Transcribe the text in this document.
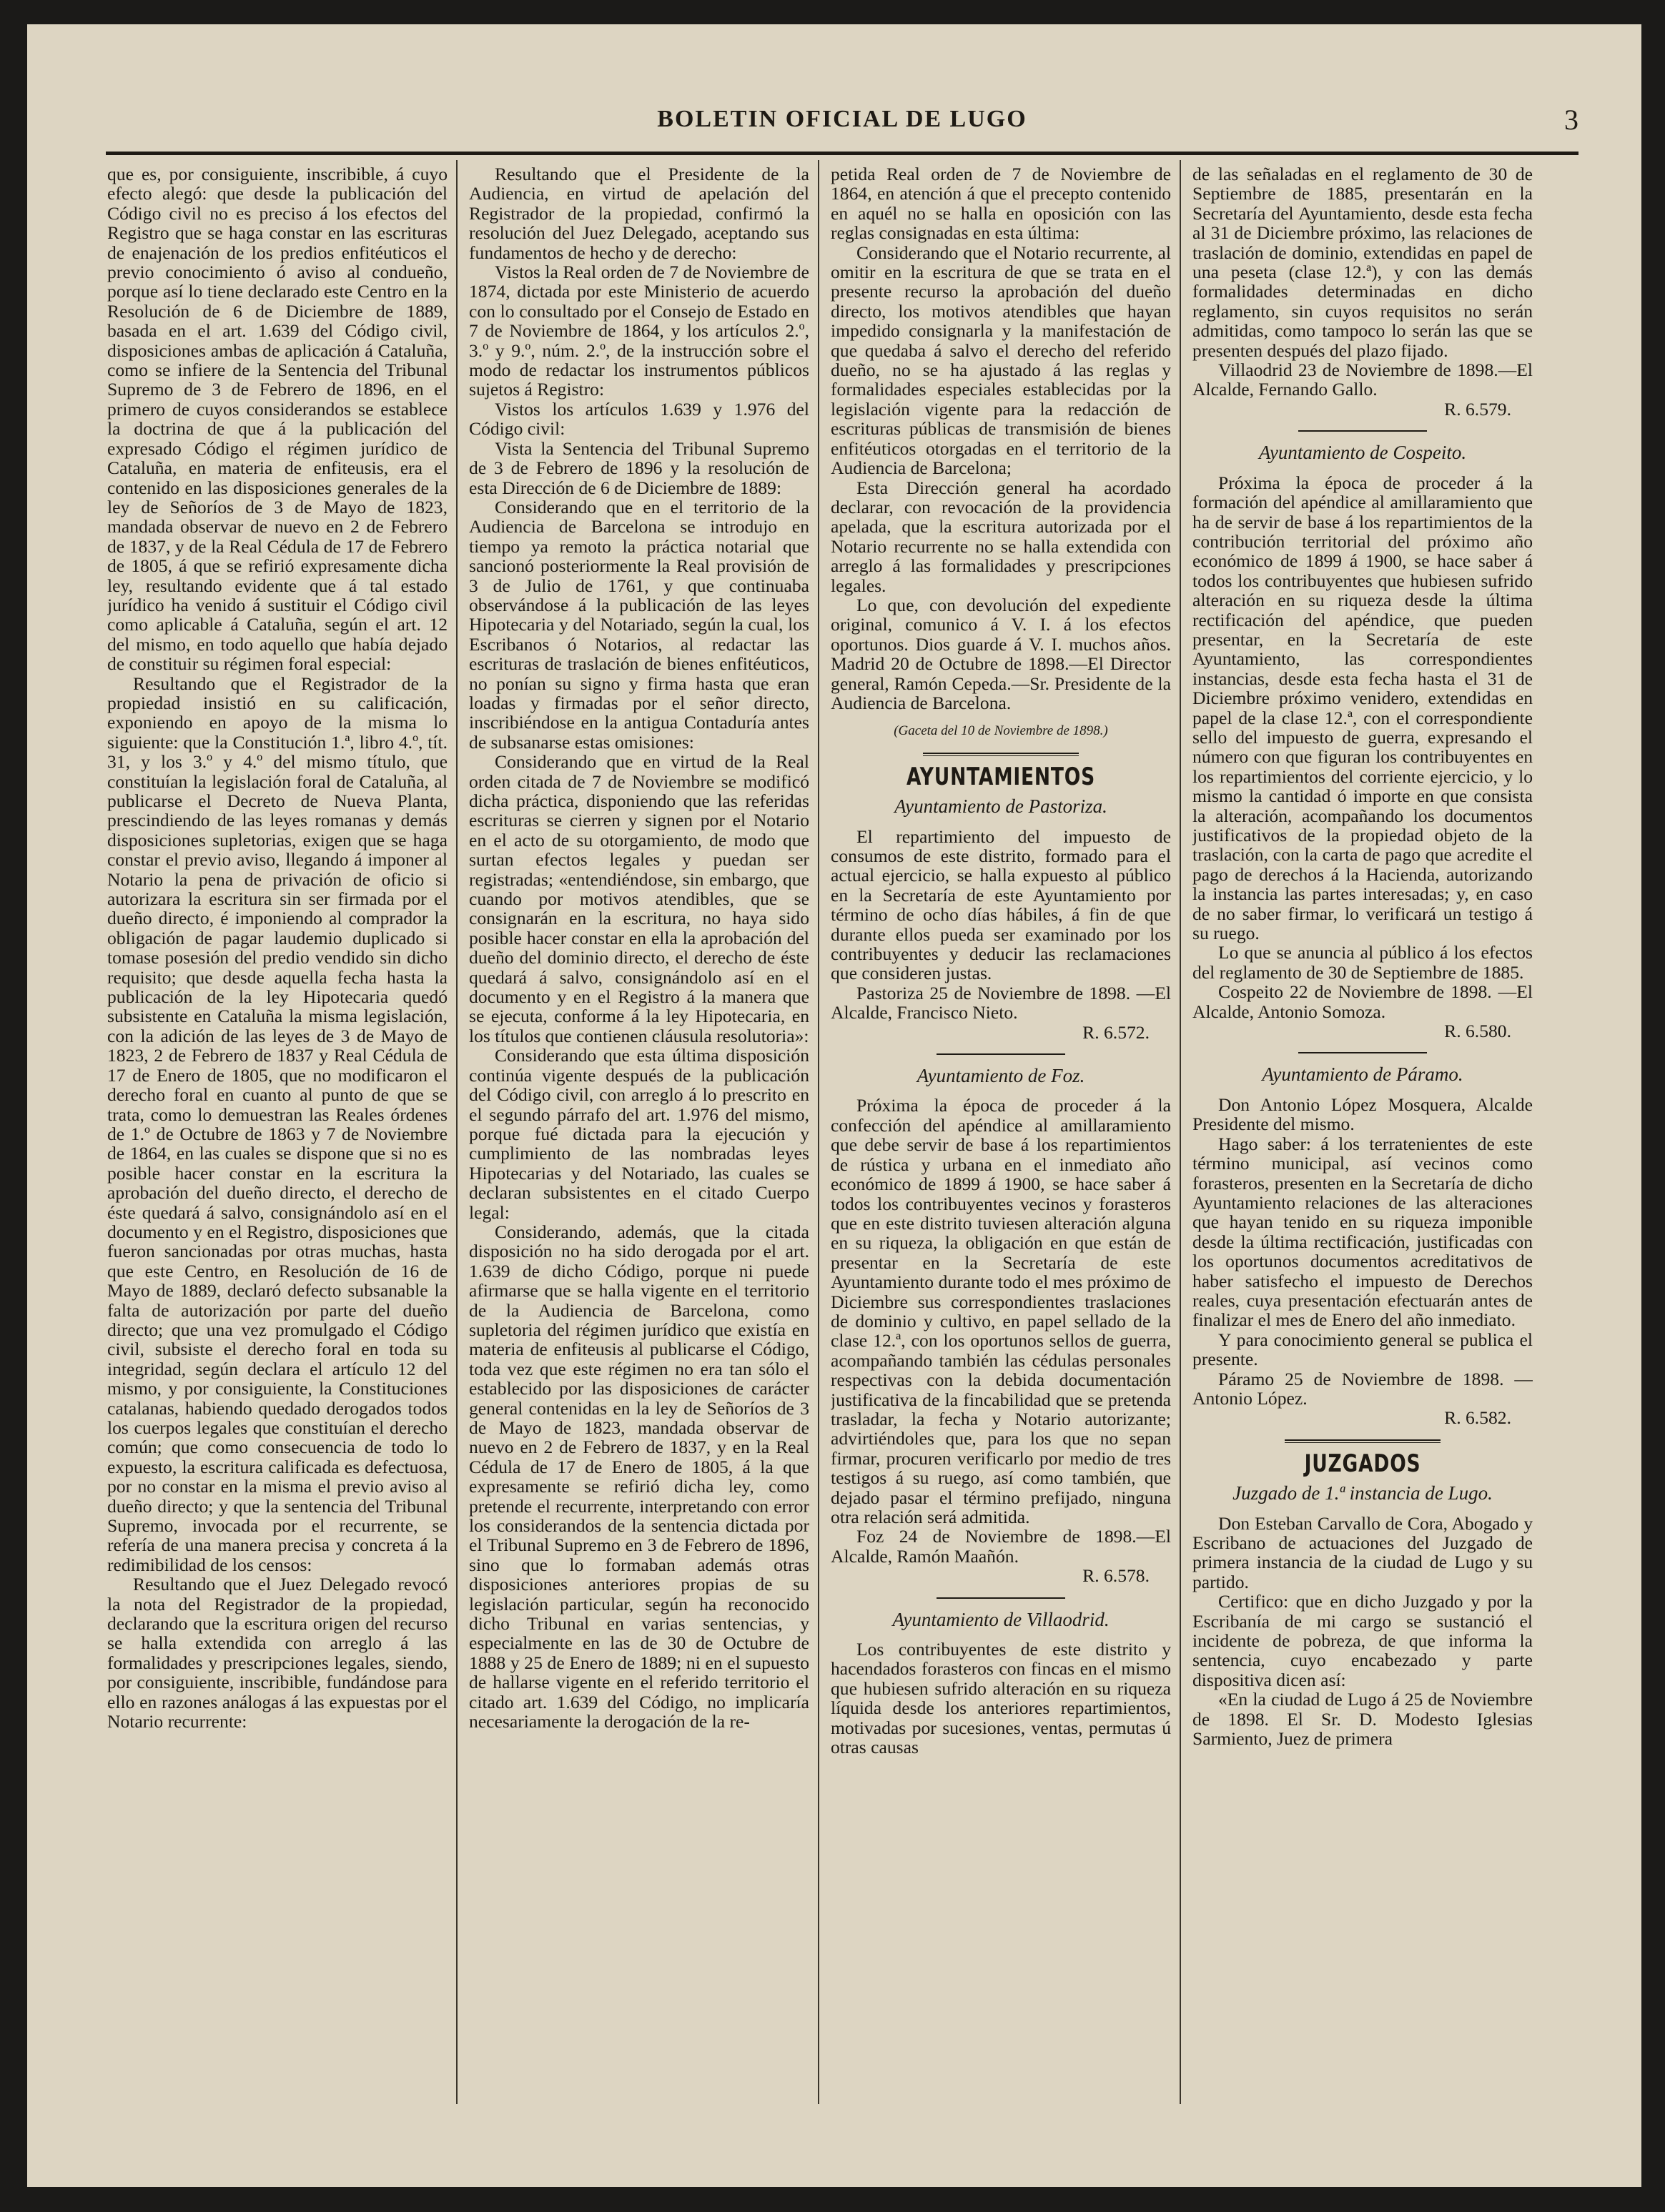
BOLETIN OFICIAL DE LUGO	3

que es, por consiguiente, inscribible, á cuyo efecto alegó: que desde la publicación del Código civil no es preciso á los efectos del Registro que se haga constar en las escrituras de enajenación de los predios enfitéuticos el previo conocimiento ó aviso al condueño, porque así lo tiene declarado este Centro en la Resolución de 6 de Diciembre de 1889, basada en el art. 1.639 del Código civil, disposiciones ambas de aplicación á Cataluña, como se infiere de la Sentencia del Tribunal Supremo de 3 de Febrero de 1896, en el primero de cuyos considerandos se establece la doctrina de que á la publicación del expresado Código el régimen jurídico de Cataluña, en materia de enfiteusis, era el contenido en las disposiciones generales de la ley de Señoríos de 3 de Mayo de 1823, mandada observar de nuevo en 2 de Febrero de 1837, y de la Real Cédula de 17 de Febrero de 1805, á que se refirió expresamente dicha ley, resultando evidente que á tal estado jurídico ha venido á sustituir el Código civil como aplicable á Cataluña, según el art. 12 del mismo, en todo aquello que había dejado de constituir su régimen foral especial:

Resultando que el Registrador de la propiedad insistió en su calificación, exponiendo en apoyo de la misma lo siguiente: que la Constitución 1.ª, libro 4.º, tít. 31, y los 3.º y 4.º del mismo título, que constituían la legislación foral de Cataluña, al publicarse el Decreto de Nueva Planta, prescindiendo de las leyes romanas y demás disposiciones supletorias, exigen que se haga constar el previo aviso, llegando á imponer al Notario la pena de privación de oficio si autorizara la escritura sin ser firmada por el dueño directo, é imponiendo al comprador la obligación de pagar laudemio duplicado si tomase posesión del predio vendido sin dicho requisito; que desde aquella fecha hasta la publicación de la ley Hipotecaria quedó subsistente en Cataluña la misma legislación, con la adición de las leyes de 3 de Mayo de 1823, 2 de Febrero de 1837 y Real Cédula de 17 de Enero de 1805, que no modificaron el derecho foral en cuanto al punto de que se trata, como lo demuestran las Reales órdenes de 1.º de Octubre de 1863 y 7 de Noviembre de 1864, en las cuales se dispone que si no es posible hacer constar en la escritura la aprobación del dueño directo, el derecho de éste quedará á salvo, consignándolo así en el documento y en el Registro, disposiciones que fueron sancionadas por otras muchas, hasta que este Centro, en Resolución de 16 de Mayo de 1889, declaró defecto subsanable la falta de autorización por parte del dueño directo; que una vez promulgado el Código civil, subsiste el derecho foral en toda su integridad, según declara el artículo 12 del mismo, y por consiguiente, la Constituciones catalanas, habiendo quedado derogados todos los cuerpos legales que constituían el derecho común; que como consecuencia de todo lo expuesto, la escritura calificada es defectuosa, por no constar en la misma el previo aviso al dueño directo; y que la sentencia del Tribunal Supremo, invocada por el recurrente, se refería de una manera precisa y concreta á la redimibilidad de los censos:

Resultando que el Juez Delegado revocó la nota del Registrador de la propiedad, declarando que la escritura origen del recurso se halla extendida con arreglo á las formalidades y prescripciones legales, siendo, por consiguiente, inscribible, fundándose para ello en razones análogas á las expuestas por el Notario recurrente:

Resultando que el Presidente de la Audiencia, en virtud de apelación del Registrador de la propiedad, confirmó la resolución del Juez Delegado, aceptando sus fundamentos de hecho y de derecho:

Vistos la Real orden de 7 de Noviembre de 1874, dictada por este Ministerio de acuerdo con lo consultado por el Consejo de Estado en 7 de Noviembre de 1864, y los artículos 2.º, 3.º y 9.º, núm. 2.º, de la instrucción sobre el modo de redactar los instrumentos públicos sujetos á Registro:

Vistos los artículos 1.639 y 1.976 del Código civil:

Vista la Sentencia del Tribunal Supremo de 3 de Febrero de 1896 y la resolución de esta Dirección de 6 de Diciembre de 1889:

Considerando que en el territorio de la Audiencia de Barcelona se introdujo en tiempo ya remoto la práctica notarial que sancionó posteriormente la Real provisión de 3 de Julio de 1761, y que continuaba observándose á la publicación de las leyes Hipotecaria y del Notariado, según la cual, los Escribanos ó Notarios, al redactar las escrituras de traslación de bienes enfitéuticos, no ponían su signo y firma hasta que eran loadas y firmadas por el señor directo, inscribiéndose en la antigua Contaduría antes de subsanarse estas omisiones:

Considerando que en virtud de la Real orden citada de 7 de Noviembre se modificó dicha práctica, disponiendo que las referidas escrituras se cierren y signen por el Notario en el acto de su otorgamiento, de modo que surtan efectos legales y puedan ser registradas; «entendiéndose, sin embargo, que cuando por motivos atendibles, que se consignarán en la escritura, no haya sido posible hacer constar en ella la aprobación del dueño del dominio directo, el derecho de éste quedará á salvo, consignándolo así en el documento y en el Registro á la manera que se ejecuta, conforme á la ley Hipotecaria, en los títulos que contienen cláusula resolutoria»:

Considerando que esta última disposición continúa vigente después de la publicación del Código civil, con arreglo á lo prescrito en el segundo párrafo del art. 1.976 del mismo, porque fué dictada para la ejecución y cumplimiento de las nombradas leyes Hipotecarias y del Notariado, las cuales se declaran subsistentes en el citado Cuerpo legal:

Considerando, además, que la citada disposición no ha sido derogada por el art. 1.639 de dicho Código, porque ni puede afirmarse que se halla vigente en el territorio de la Audiencia de Barcelona, como supletoria del régimen jurídico que existía en materia de enfiteusis al publicarse el Código, toda vez que este régimen no era tan sólo el establecido por las disposiciones de carácter general contenidas en la ley de Señoríos de 3 de Mayo de 1823, mandada observar de nuevo en 2 de Febrero de 1837, y en la Real Cédula de 17 de Enero de 1805, á la que expresamente se refirió dicha ley, como pretende el recurrente, interpretando con error los considerandos de la sentencia dictada por el Tribunal Supremo en 3 de Febrero de 1896, sino que lo formaban además otras disposiciones anteriores propias de su legislación particular, según ha reconocido dicho Tribunal en varias sentencias, y especialmente en las de 30 de Octubre de 1888 y 25 de Enero de 1889; ni en el supuesto de hallarse vigente en el referido territorio el citado art. 1.639 del Código, no implicaría necesariamente la derogación de la re-

petida Real orden de 7 de Noviembre de 1864, en atención á que el precepto contenido en aquél no se halla en oposición con las reglas consignadas en esta última:

Considerando que el Notario recurrente, al omitir en la escritura de que se trata en el presente recurso la aprobación del dueño directo, los motivos atendibles que hayan impedido consignarla y la manifestación de que quedaba á salvo el derecho del referido dueño, no se ha ajustado á las reglas y formalidades especiales establecidas por la legislación vigente para la redacción de escrituras públicas de transmisión de bienes enfitéuticos otorgadas en el territorio de la Audiencia de Barcelona;

Esta Dirección general ha acordado declarar, con revocación de la providencia apelada, que la escritura autorizada por el Notario recurrente no se halla extendida con arreglo á las formalidades y prescripciones legales.

Lo que, con devolución del expediente original, comunico á V. I. á los efectos oportunos. Dios guarde á V. I. muchos años. Madrid 20 de Octubre de 1898.—El Director general, Ramón Cepeda.—Sr. Presidente de la Audiencia de Barcelona.

(Gaceta del 10 de Noviembre de 1898.)

AYUNTAMIENTOS
Ayuntamiento de Pastoriza.

El repartimiento del impuesto de consumos de este distrito, formado para el actual ejercicio, se halla expuesto al público en la Secretaría de este Ayuntamiento por término de ocho días hábiles, á fin de que durante ellos pueda ser examinado por los contribuyentes y deducir las reclamaciones que consideren justas.

Pastoriza 25 de Noviembre de 1898. —El Alcalde, Francisco Nieto.

R. 6.572.

Ayuntamiento de Foz.

Próxima la época de proceder á la confección del apéndice al amillaramiento que debe servir de base á los repartimientos de rústica y urbana en el inmediato año económico de 1899 á 1900, se hace saber á todos los contribuyentes vecinos y forasteros que en este distrito tuviesen alteración alguna en su riqueza, la obligación en que están de presentar en la Secretaría de este Ayuntamiento durante todo el mes próximo de Diciembre sus correspondientes traslaciones de dominio y cultivo, en papel sellado de la clase 12.ª, con los oportunos sellos de guerra, acompañando también las cédulas personales respectivas con la debida documentación justificativa de la fincabilidad que se pretenda trasladar, la fecha y Notario autorizante; advirtiéndoles que, para los que no sepan firmar, procuren verificarlo por medio de tres testigos á su ruego, así como también, que dejado pasar el término prefijado, ninguna otra relación será admitida.

Foz 24 de Noviembre de 1898.—El Alcalde, Ramón Maañón.

R. 6.578.

Ayuntamiento de Villaodrid.

Los contribuyentes de este distrito y hacendados forasteros con fincas en el mismo que hubiesen sufrido alteración en su riqueza líquida desde los anteriores repartimientos, motivadas por sucesiones, ventas, permutas ú otras causas

de las señaladas en el reglamento de 30 de Septiembre de 1885, presentarán en la Secretaría del Ayuntamiento, desde esta fecha al 31 de Diciembre próximo, las relaciones de traslación de dominio, extendidas en papel de una peseta (clase 12.ª), y con las demás formalidades determinadas en dicho reglamento, sin cuyos requisitos no serán admitidas, como tampoco lo serán las que se presenten después del plazo fijado.

Villaodrid 23 de Noviembre de 1898.—El Alcalde, Fernando Gallo.

R. 6.579.

Ayuntamiento de Cospeito.

Próxima la época de proceder á la formación del apéndice al amillaramiento que ha de servir de base á los repartimientos de la contribución territorial del próximo año económico de 1899 á 1900, se hace saber á todos los contribuyentes que hubiesen sufrido alteración en su riqueza desde la última rectificación del apéndice, que pueden presentar, en la Secretaría de este Ayuntamiento, las correspondientes instancias, desde esta fecha hasta el 31 de Diciembre próximo venidero, extendidas en papel de la clase 12.ª, con el correspondiente sello del impuesto de guerra, expresando el número con que figuran los contribuyentes en los repartimientos del corriente ejercicio, y lo mismo la cantidad ó importe en que consista la alteración, acompañando los documentos justificativos de la propiedad objeto de la traslación, con la carta de pago que acredite el pago de derechos á la Hacienda, autorizando la instancia las partes interesadas; y, en caso de no saber firmar, lo verificará un testigo á su ruego.

Lo que se anuncia al público á los efectos del reglamento de 30 de Septiembre de 1885.

Cospeito 22 de Noviembre de 1898. —El Alcalde, Antonio Somoza.

R. 6.580.

Ayuntamiento de Páramo.

Don Antonio López Mosquera, Alcalde Presidente del mismo.

Hago saber: á los terratenientes de este término municipal, así vecinos como forasteros, presenten en la Secretaría de dicho Ayuntamiento relaciones de las alteraciones que hayan tenido en su riqueza imponible desde la última rectificación, justificadas con los oportunos documentos acreditativos de haber satisfecho el impuesto de Derechos reales, cuya presentación efectuarán antes de finalizar el mes de Enero del año inmediato.

Y para conocimiento general se publica el presente.

Páramo 25 de Noviembre de 1898. —Antonio López.

R. 6.582.

JUZGADOS
Juzgado de 1.ª instancia de Lugo.

Don Esteban Carvallo de Cora, Abogado y Escribano de actuaciones del Juzgado de primera instancia de la ciudad de Lugo y su partido.

Certifico: que en dicho Juzgado y por la Escribanía de mi cargo se sustanció el incidente de pobreza, de que informa la sentencia, cuyo encabezado y parte dispositiva dicen así:

«En la ciudad de Lugo á 25 de Noviembre de 1898. El Sr. D. Modesto Iglesias Sarmiento, Juez de primera
